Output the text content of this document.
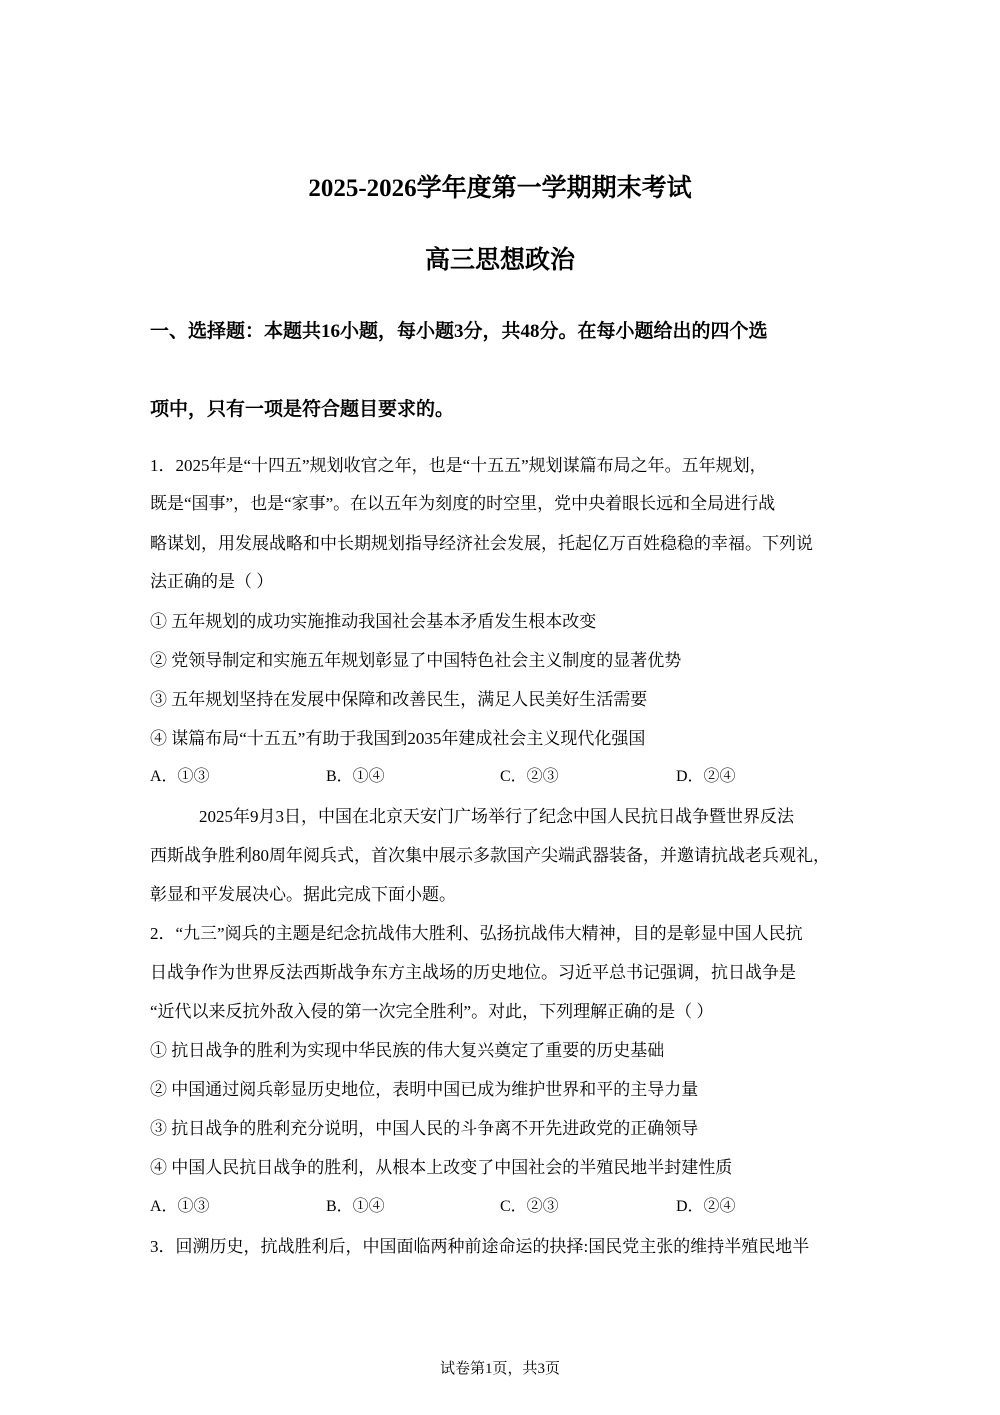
2025-2026学年度第一学期期末考试
高三思想政治
一、选择题：本题共16小题，每小题3分，共48分。在每小题给出的四个选
项中，只有一项是符合题目要求的。
1．2025年是“十四五”规划收官之年，也是“十五五”规划谋篇布局之年。五年规划，
既是“国事”，也是“家事”。在以五年为刻度的时空里，党中央着眼长远和全局进行战
略谋划，用发展战略和中长期规划指导经济社会发展，托起亿万百姓稳稳的幸福。下列说
法正确的是（ ）
① 五年规划的成功实施推动我国社会基本矛盾发生根本改变
② 党领导制定和实施五年规划彰显了中国特色社会主义制度的显著优势
③ 五年规划坚持在发展中保障和改善民生，满足人民美好生活需要
④ 谋篇布局“十五五”有助于我国到2035年建成社会主义现代化强国
A．①③	B．①④	C．②③	D．②④
2025年9月3日，中国在北京天安门广场举行了纪念中国人民抗日战争暨世界反法
西斯战争胜利80周年阅兵式，首次集中展示多款国产尖端武器装备，并邀请抗战老兵观礼，
彰显和平发展决心。据此完成下面小题。
2．“九三”阅兵的主题是纪念抗战伟大胜利、弘扬抗战伟大精神，目的是彰显中国人民抗
日战争作为世界反法西斯战争东方主战场的历史地位。习近平总书记强调，抗日战争是
“近代以来反抗外敌入侵的第一次完全胜利”。对此，下列理解正确的是（ ）
① 抗日战争的胜利为实现中华民族的伟大复兴奠定了重要的历史基础
② 中国通过阅兵彰显历史地位，表明中国已成为维护世界和平的主导力量
③ 抗日战争的胜利充分说明，中国人民的斗争离不开先进政党的正确领导
④ 中国人民抗日战争的胜利，从根本上改变了中国社会的半殖民地半封建性质
A．①③	B．①④	C．②③	D．②④
3．回溯历史，抗战胜利后，中国面临两种前途命运的抉择:国民党主张的维持半殖民地半
试卷第1页，共3页
